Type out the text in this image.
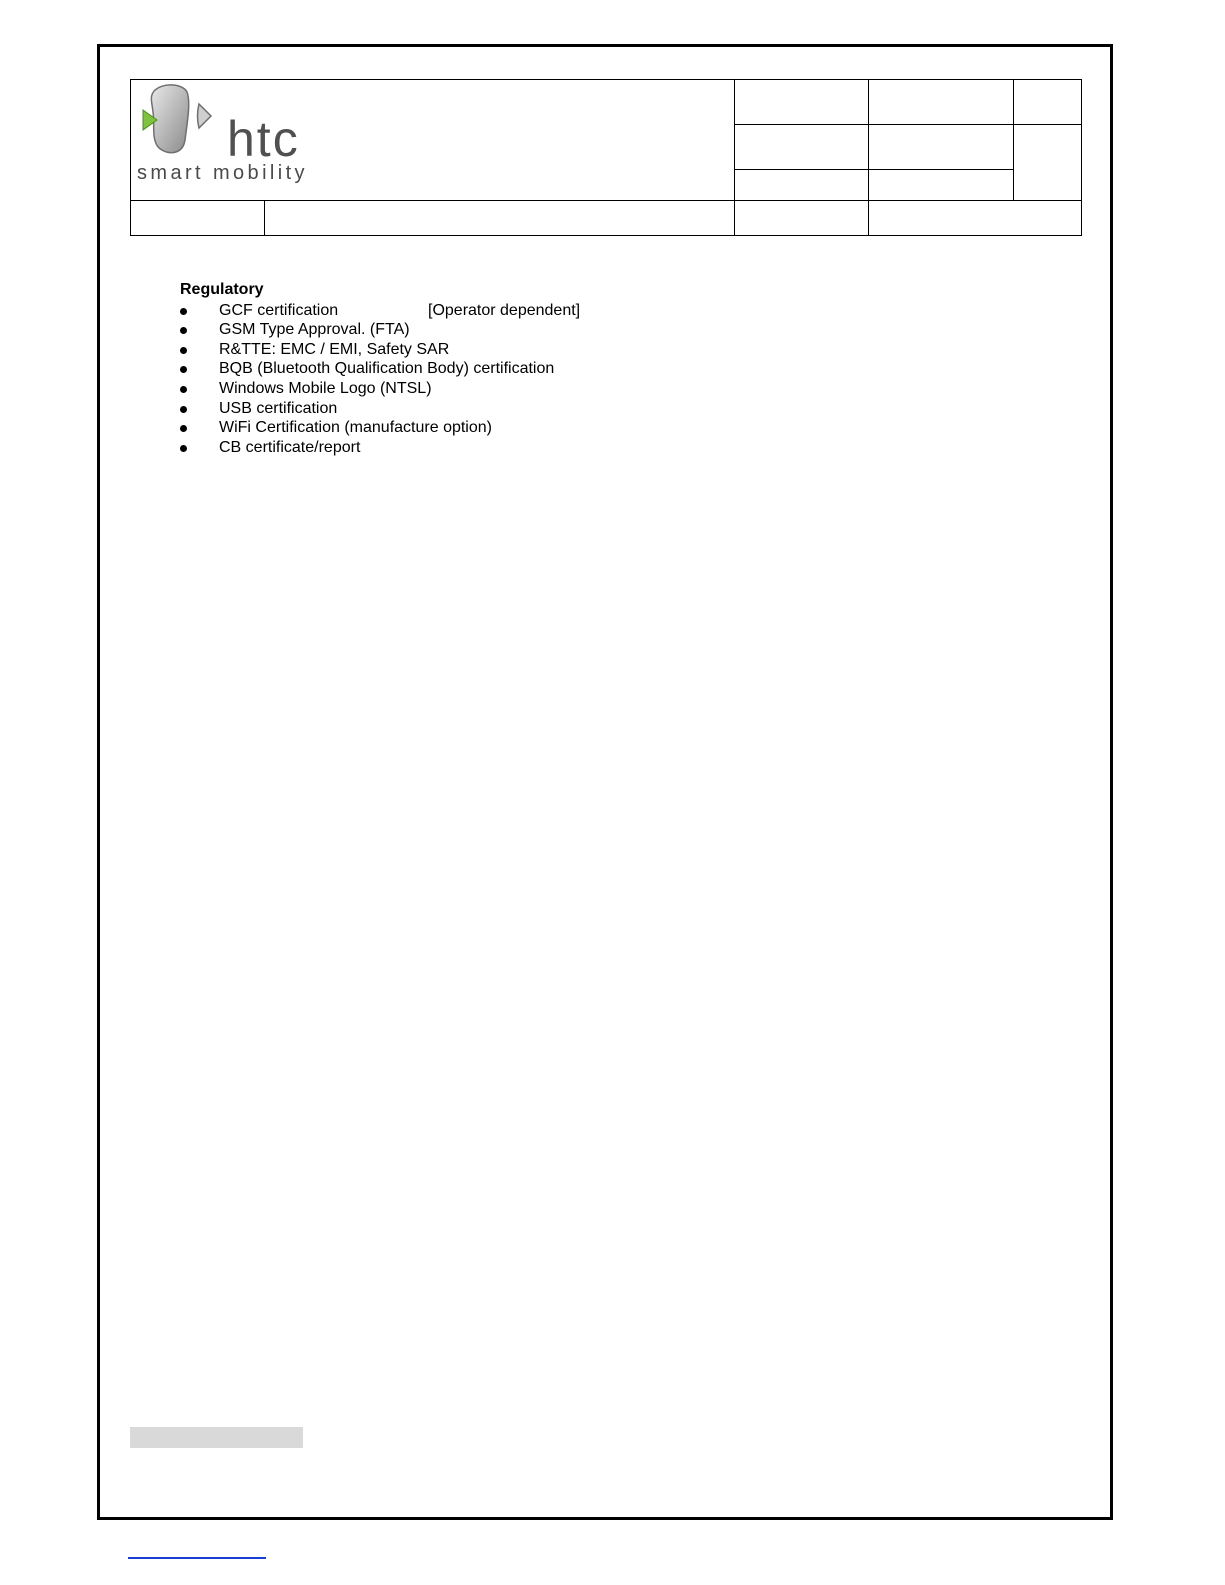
htc
smart mobility				

Regulatory
GCF certification	[Operator dependent]
GSM Type Approval. (FTA)
R&TTE: EMC / EMI, Safety SAR
BQB (Bluetooth Qualification Body) certification
Windows Mobile Logo (NTSL)
USB certification
WiFi Certification (manufacture option)
CB certificate/report
